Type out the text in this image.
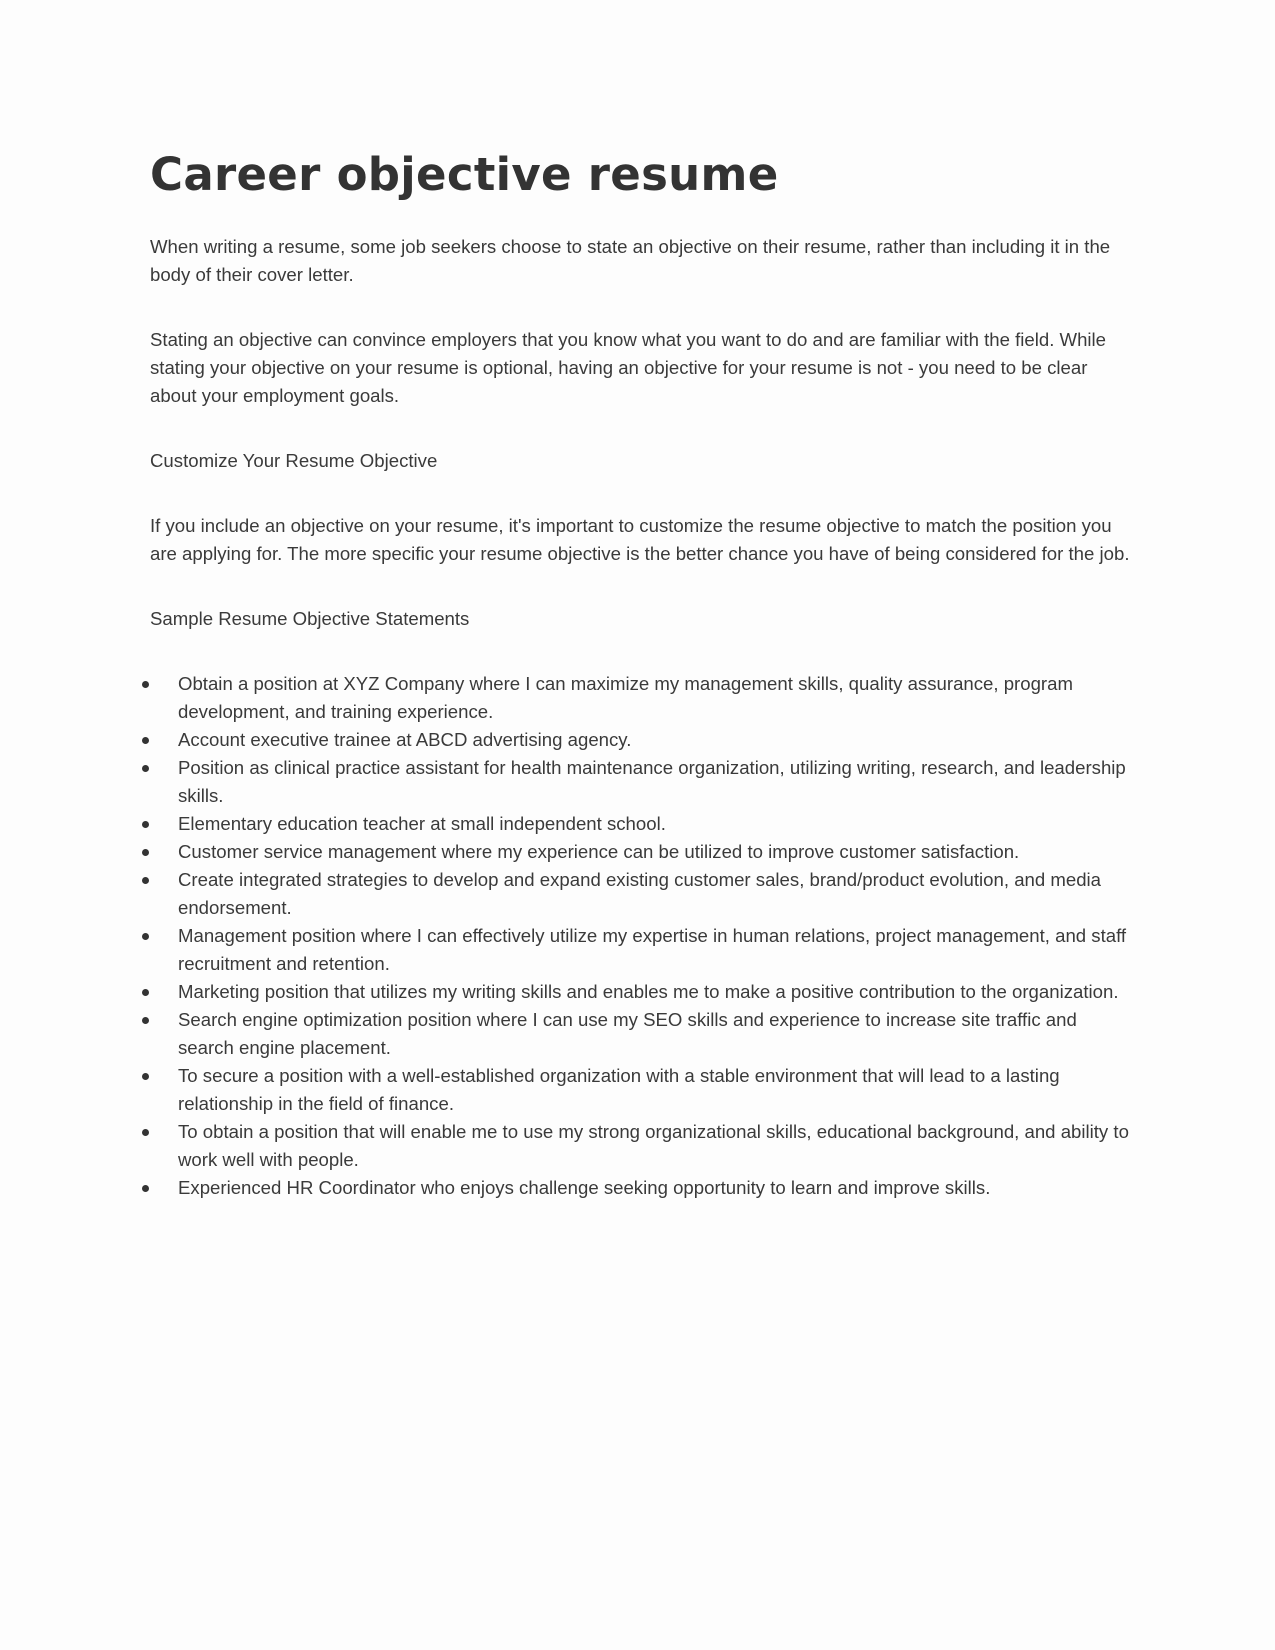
Career objective resume

When writing a resume, some job seekers choose to state an objective on their resume, rather than including it in the body of their cover letter.

Stating an objective can convince employers that you know what you want to do and are familiar with the field. While stating your objective on your resume is optional, having an objective for your resume is not - you need to be clear about your employment goals.

Customize Your Resume Objective

If you include an objective on your resume, it's important to customize the resume objective to match the position you are applying for. The more specific your resume objective is the better chance you have of being considered for the job.

Sample Resume Objective Statements

Obtain a position at XYZ Company where I can maximize my management skills, quality assurance, program development, and training experience.
Account executive trainee at ABCD advertising agency.
Position as clinical practice assistant for health maintenance organization, utilizing writing, research, and leadership skills.
Elementary education teacher at small independent school.
Customer service management where my experience can be utilized to improve customer satisfaction.
Create integrated strategies to develop and expand existing customer sales, brand/product evolution, and media endorsement.
Management position where I can effectively utilize my expertise in human relations, project management, and staff recruitment and retention.
Marketing position that utilizes my writing skills and enables me to make a positive contribution to the organization.
Search engine optimization position where I can use my SEO skills and experience to increase site traffic and search engine placement.
To secure a position with a well-established organization with a stable environment that will lead to a lasting relationship in the field of finance.
To obtain a position that will enable me to use my strong organizational skills, educational background, and ability to work well with people.
Experienced HR Coordinator who enjoys challenge seeking opportunity to learn and improve skills.
